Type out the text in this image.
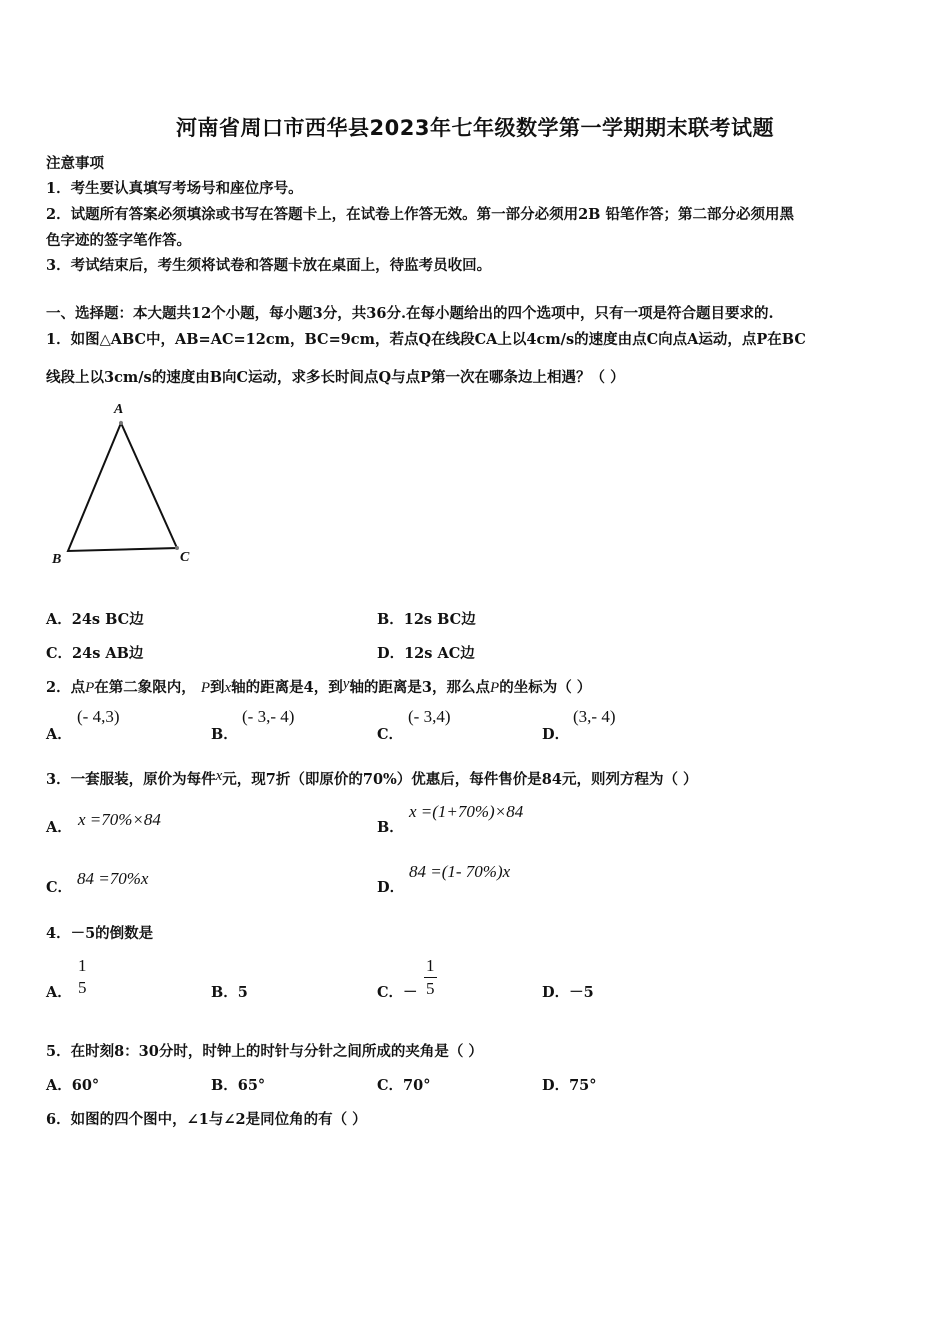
河南省周口市西华县2023年七年级数学第一学期期末联考试题
注意事项
1．考生要认真填写考场号和座位序号。
2．试题所有答案必须填涂或书写在答题卡上，在试卷上作答无效。第一部分必须用2B 铅笔作答；第二部分必须用黑
色字迹的签字笔作答。
3．考试结束后，考生须将试卷和答题卡放在桌面上，待监考员收回。
一、选择题：本大题共12个小题，每小题3分，共36分.在每小题给出的四个选项中，只有一项是符合题目要求的.
1．如图△ABC中，AB=AC=12cm，BC=9cm，若点Q在线段CA上以4cm/s的速度由点C向点A运动，点P在BC
线段上以3cm/s的速度由B向C运动，求多长时间点Q与点P第一次在哪条边上相遇？（ ）
A
B	C
A．24s BC边	B．12s BC边
C．24s AB边	D．12s AC边
2．点P在第二象限内， P到x轴的距离是4，到y轴的距离是3，那么点P的坐标为（ ）
A．
(- 4,3)
B．
(- 3,- 4)
C．
(- 3,4)
D．
(3,- 4)
3．一套服装，原价为每件x元，现7折（即原价的70%）优惠后，每件售价是84元，则列方程为（ ）
A． x =70%×84	B．
x =(1+70%)×84
C． 84 =70%x	D．
84 =(1- 70%)x
4．－5的倒数是
A．
1
5	B．5	C．－ $\frac{1}{5}$	D．－5
5．在时刻8：30分时，时钟上的时针与分针之间所成的夹角是（ ）
A．60°	B．65°	C．70°	D．75°
6．如图的四个图中，∠1与∠2是同位角的有（ ）
